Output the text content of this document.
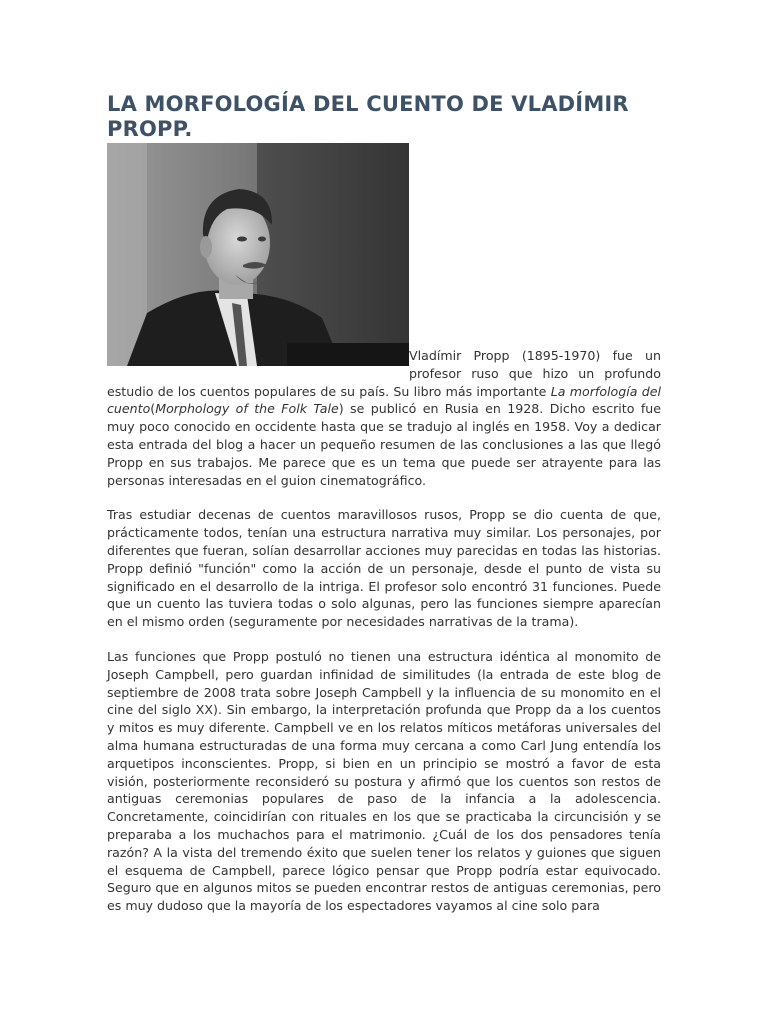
LA MORFOLOGÍA DEL CUENTO DE VLADÍMIR PROPP.

Vladímir Propp (1895-1970) fue un profesor ruso que hizo un profundo estudio de los cuentos populares de su país. Su libro más importante La morfología del cuento(Morphology of the Folk Tale) se publicó en Rusia en 1928. Dicho escrito fue muy poco conocido en occidente hasta que se tradujo al inglés en 1958. Voy a dedicar esta entrada del blog a hacer un pequeño resumen de las conclusiones a las que llegó Propp en sus trabajos. Me parece que es un tema que puede ser atrayente para las personas interesadas en el guion cinematográfico.

Tras estudiar decenas de cuentos maravillosos rusos, Propp se dio cuenta de que, prácticamente todos, tenían una estructura narrativa muy similar. Los personajes, por diferentes que fueran, solían desarrollar acciones muy parecidas en todas las historias. Propp definió "función" como la acción de un personaje, desde el punto de vista su significado en el desarrollo de la intriga. El profesor solo encontró 31 funciones. Puede que un cuento las tuviera todas o solo algunas, pero las funciones siempre aparecían en el mismo orden (seguramente por necesidades narrativas de la trama).

Las funciones que Propp postuló no tienen una estructura idéntica al monomito de Joseph Campbell, pero guardan infinidad de similitudes (la entrada de este blog de septiembre de 2008 trata sobre Joseph Campbell y la influencia de su monomito en el cine del siglo XX). Sin embargo, la interpretación profunda que Propp da a los cuentos y mitos es muy diferente. Campbell ve en los relatos míticos metáforas universales del alma humana estructuradas de una forma muy cercana a como Carl Jung entendía los arquetipos inconscientes. Propp, si bien en un principio se mostró a favor de esta visión, posteriormente reconsideró su postura y afirmó que los cuentos son restos de antiguas ceremonias populares de paso de la infancia a la adolescencia. Concretamente, coincidirían con rituales en los que se practicaba la circuncisión y se preparaba a los muchachos para el matrimonio. ¿Cuál de los dos pensadores tenía razón? A la vista del tremendo éxito que suelen tener los relatos y guiones que siguen el esquema de Campbell, parece lógico pensar que Propp podría estar equivocado. Seguro que en algunos mitos se pueden encontrar restos de antiguas ceremonias, pero es muy dudoso que la mayoría de los espectadores vayamos al cine solo para
